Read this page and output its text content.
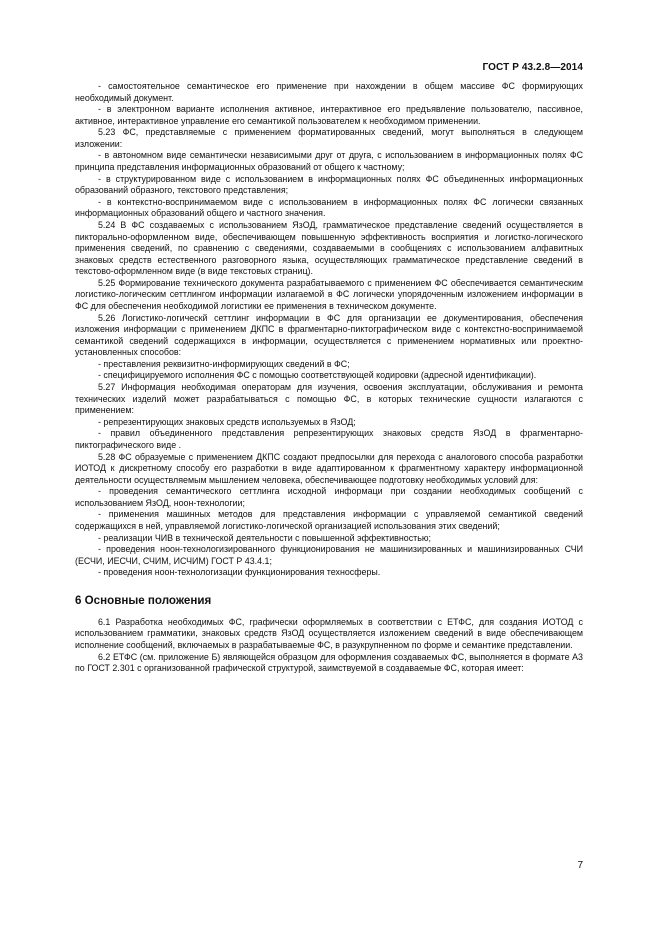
ГОСТ Р 43.2.8—2014

- самостоятельное семантическое его применение при нахождении в общем массиве ФС формирующих необходимый документ.

- в электронном варианте исполнения активное, интерактивное его предъявление пользователю, пассивное, активное, интерактивное управление его семантикой пользователем к необходимом применении.

5.23 ФС, представляемые с применением форматированных сведений, могут выполняться в следующем изложении:

- в автономном виде семантически независимыми друг от друга, с использованием в информационных полях ФС принципа представления информационных образований от общего к частному;

- в структурированном виде с использованием в информационных полях ФС объединенных информационных образований образного, текстового представления;

- в контекстно-воспринимаемом виде с использованием в информационных полях ФС логически связанных информационных образований общего и частного значения.

5.24 В ФС создаваемых с использованием ЯзОД, грамматическое представление сведений осуществляется в пиктoрально-оформленном виде, обеспечивающем повышенную эффективность восприятия и логистко-логического применения сведений, по сравнению с сведениями, создаваемыми в сообщениях с использованием алфавитных знаковых средств естественного разговорного языка, осуществляющих грамматическое представление сведений в текстово-оформленном виде (в виде текстовых страниц).

5.25 Формирование технического документа разрабатываемого с применением ФС обеспечивается семантическим логистико-логическим сеттлингом информации излагаемой в ФС логически упорядоченным изложением информации в ФС для обеспечения необходимой логистики ее применения в техническом документе.

5.26 Логистико-логическй сеттлинг информации в ФС для организации ее документирования, обеспечения изложения информации с применением ДКПС в фрагментарно-пиктографическом виде с контекстно-воспринимаемой семантикой сведений содержащихся в информации, осуществляется с применением нормативных или проектно-установленных способов:

- преставления реквизитно-информирующих сведений в ФС;

- специфицируемого исполнения ФС с помощью соответствующей кодировки (адресной идентификации).

5.27 Информация необходимая операторам для изучения, освоения эксплуатации, обслуживания и ремонта технических изделий может разрабатываться с помощью ФС, в которых технические сущности излагаются с применением:

- репрезентирующих знаковых средств используемых в ЯзОД;

- правил объединенного представления репрезентирующих знаковых средств ЯзОД в фрагментарно-пиктографического виде .

5.28 ФС образуемые с применением ДКПС создают предпосылки для перехода с аналогового способа разработки ИОТОД к дискретному способу его разработки в виде адаптированном к фрагментному характеру информационной деятельности осуществляемым мышлением человека, обеспечивающее подготовку необходимых условий для:

- проведения семантического сеттлинга исходной информаци при создании необходимых сообщений с использованием ЯзОД, ноон-технологии;

- применения машинных методов для представления информации с управляемой семантикой сведений содержащихся в ней, управляемой логистико-логической организацией использования этих сведений;

- реализации ЧИВ в технической деятельности с повышенной эффективностью;

- проведения ноон-технологизированного функционирования не машинизированных и машинизированных СЧИ (ЕСЧИ, ИЕСЧИ, СЧИМ, ИСЧИМ) ГОСТ Р 43.4.1;

- проведения ноон-технологизации функционирования техносферы.

6 Основные положения

6.1 Разработка необходимых ФС, графически оформляемых в соответствии с ЕТФС, для создания ИОТОД с использованием грамматики, знаковых средств ЯзОД осуществляется изложением сведений в виде обеспечивающем исполнение сообщений, включаемых в разрабатываемые ФС, в разукрупненном по форме и семантике представлении.

6.2 ЕТФС (см. приложение Б) являющейся образцом для оформления создаваемых ФС, выполняется в формате А3 по ГОСТ 2.301 с организованной графической структурой, заимствуемой в создаваемые ФС, которая имеет:

7
